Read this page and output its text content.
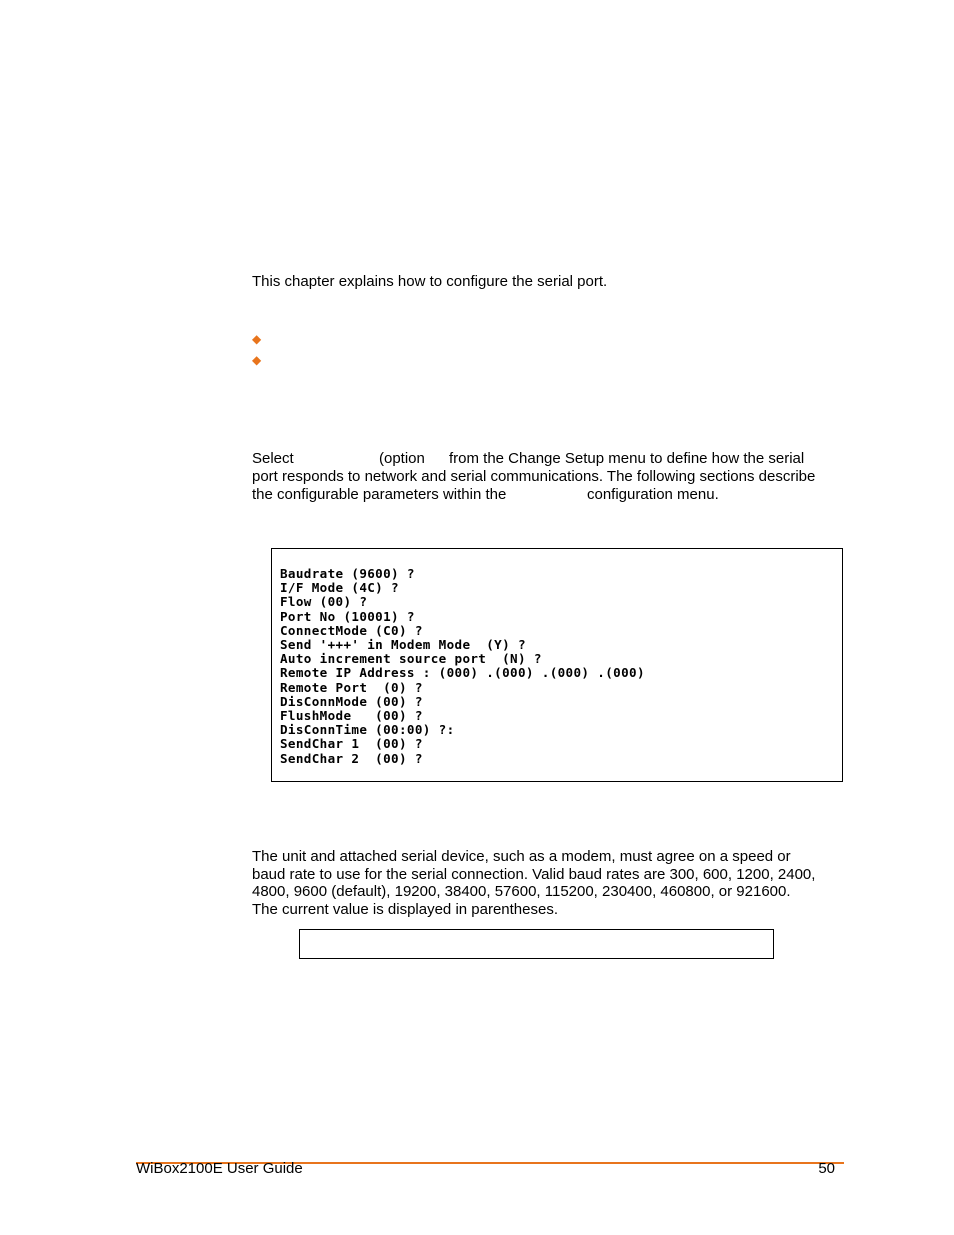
This chapter explains how to configure the serial port.

◆
◆
Select	(option from the Change Setup menu to define how the serial
port responds to network and serial communications. The following sections describe
the configurable parameters within the	configuration menu.
Baudrate (9600) ?
I/F Mode (4C) ?
Flow (00) ?
Port No (10001) ?
ConnectMode (C0) ?
Send '+++' in Modem Mode  (Y) ?
Auto increment source port  (N) ?
Remote IP Address : (000) .(000) .(000) .(000)
Remote Port  (0) ?
DisConnMode (00) ?
FlushMode   (00) ?
DisConnTime (00:00) ?:
SendChar 1  (00) ?
SendChar 2  (00) ?
The unit and attached serial device, such as a modem, must agree on a speed or
baud rate to use for the serial connection. Valid baud rates are 300, 600, 1200, 2400,
4800, 9600 (default), 19200, 38400, 57600, 115200, 230400, 460800, or 921600.
The current value is displayed in parentheses.
WiBox2100E User Guide	50
